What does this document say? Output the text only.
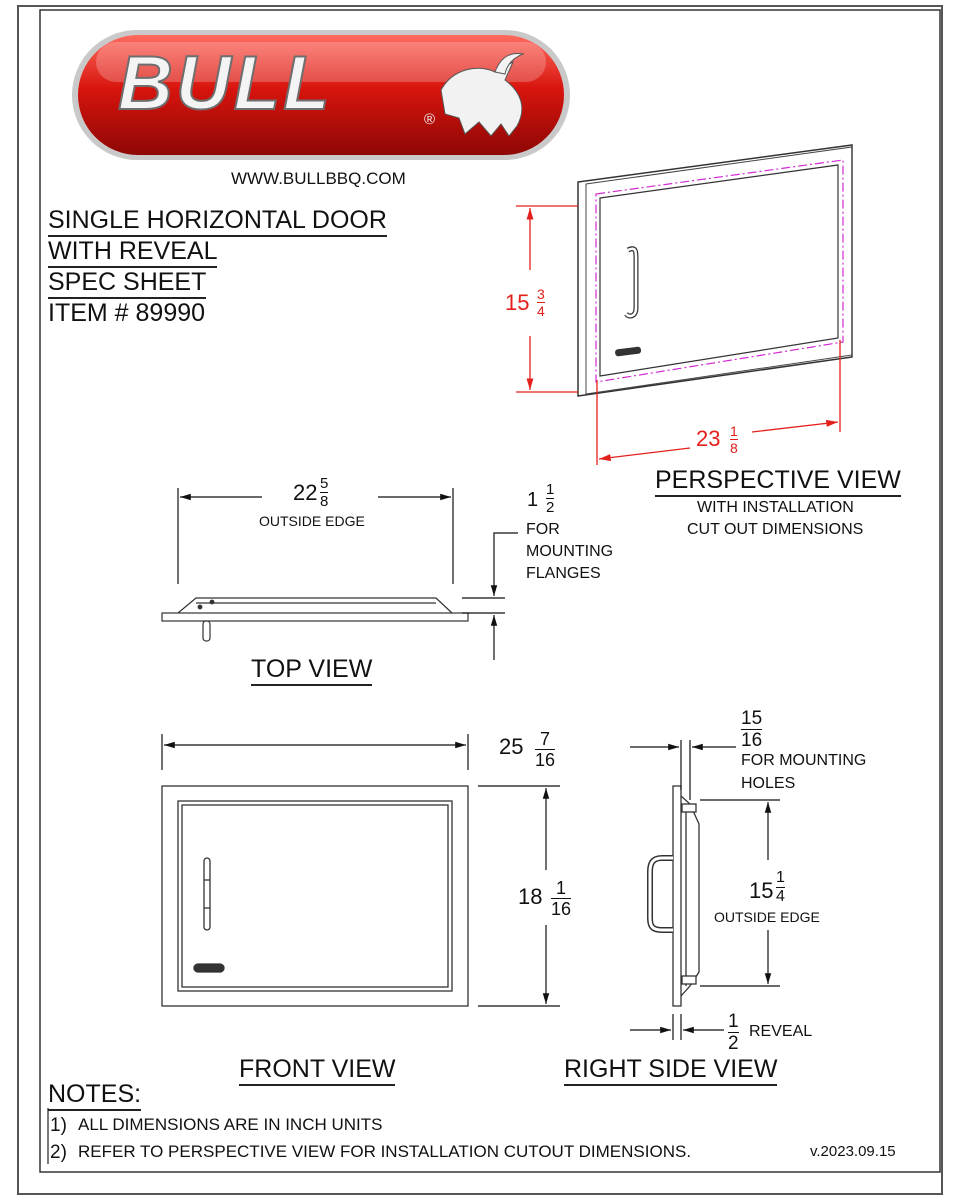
BULL	®
WWW.BULLBBQ.COM
SINGLE HORIZONTAL DOOR
WITH REVEAL
SPEC SHEET
ITEM # 89990	15 3
4
23 1
8
PERSPECTIVE VIEW
WITH INSTALLATION
CUT OUT DIMENSIONS
22 5
8
OUTSIDE EDGE
1 1
2
FOR
MOUNTING
FLANGES
TOP VIEW
25 7
16
18 1
16
FRONT VIEW
15
16
FOR MOUNTING
HOLES
15
1
4
OUTSIDE EDGE
1
2
REVEAL
RIGHT SIDE VIEW
NOTES:
1) ALL DIMENSIONS ARE IN INCH UNITS
2) REFER TO PERSPECTIVE VIEW FOR INSTALLATION CUTOUT DIMENSIONS.	v.2023.09.15
